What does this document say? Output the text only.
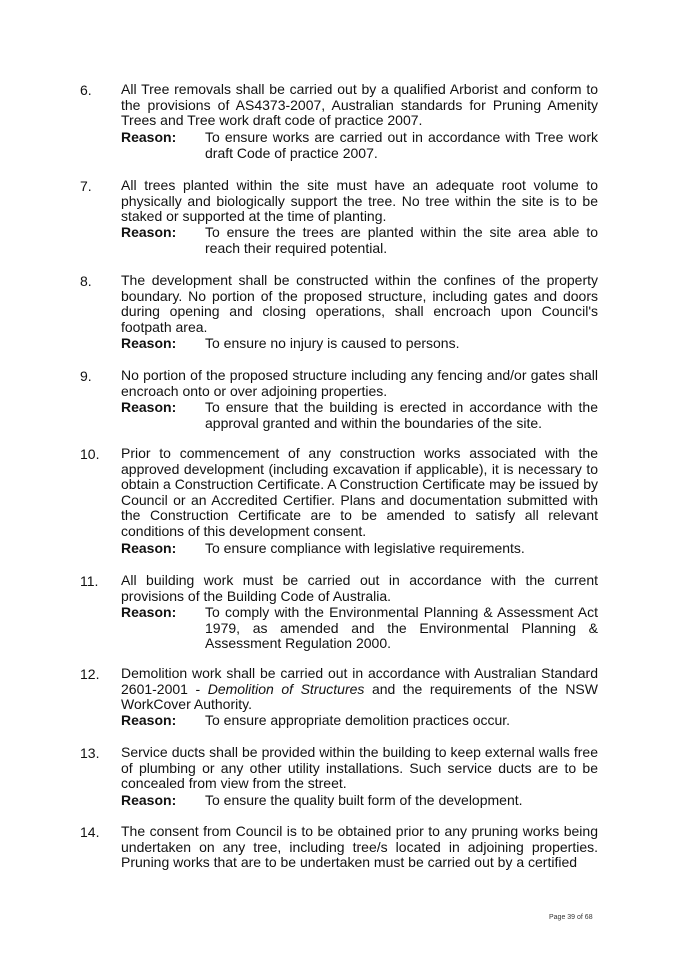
6. All Tree removals shall be carried out by a qualified Arborist and conform to the provisions of AS4373-2007, Australian standards for Pruning Amenity Trees and Tree work draft code of practice 2007.
Reason: To ensure works are carried out in accordance with Tree work draft Code of practice 2007.
7. All trees planted within the site must have an adequate root volume to physically and biologically support the tree. No tree within the site is to be staked or supported at the time of planting.
Reason: To ensure the trees are planted within the site area able to reach their required potential.
8. The development shall be constructed within the confines of the property boundary. No portion of the proposed structure, including gates and doors during opening and closing operations, shall encroach upon Council's footpath area.
Reason: To ensure no injury is caused to persons.
9. No portion of the proposed structure including any fencing and/or gates shall encroach onto or over adjoining properties.
Reason: To ensure that the building is erected in accordance with the approval granted and within the boundaries of the site.
10. Prior to commencement of any construction works associated with the approved development (including excavation if applicable), it is necessary to obtain a Construction Certificate. A Construction Certificate may be issued by Council or an Accredited Certifier. Plans and documentation submitted with the Construction Certificate are to be amended to satisfy all relevant conditions of this development consent.
Reason: To ensure compliance with legislative requirements.
11. All building work must be carried out in accordance with the current provisions of the Building Code of Australia.
Reason: To comply with the Environmental Planning & Assessment Act 1979, as amended and the Environmental Planning & Assessment Regulation 2000.
12. Demolition work shall be carried out in accordance with Australian Standard 2601-2001 - Demolition of Structures and the requirements of the NSW WorkCover Authority.
Reason: To ensure appropriate demolition practices occur.
13. Service ducts shall be provided within the building to keep external walls free of plumbing or any other utility installations. Such service ducts are to be concealed from view from the street.
Reason: To ensure the quality built form of the development.
14. The consent from Council is to be obtained prior to any pruning works being undertaken on any tree, including tree/s located in adjoining properties. Pruning works that are to be undertaken must be carried out by a certified
Page 39 of 68
